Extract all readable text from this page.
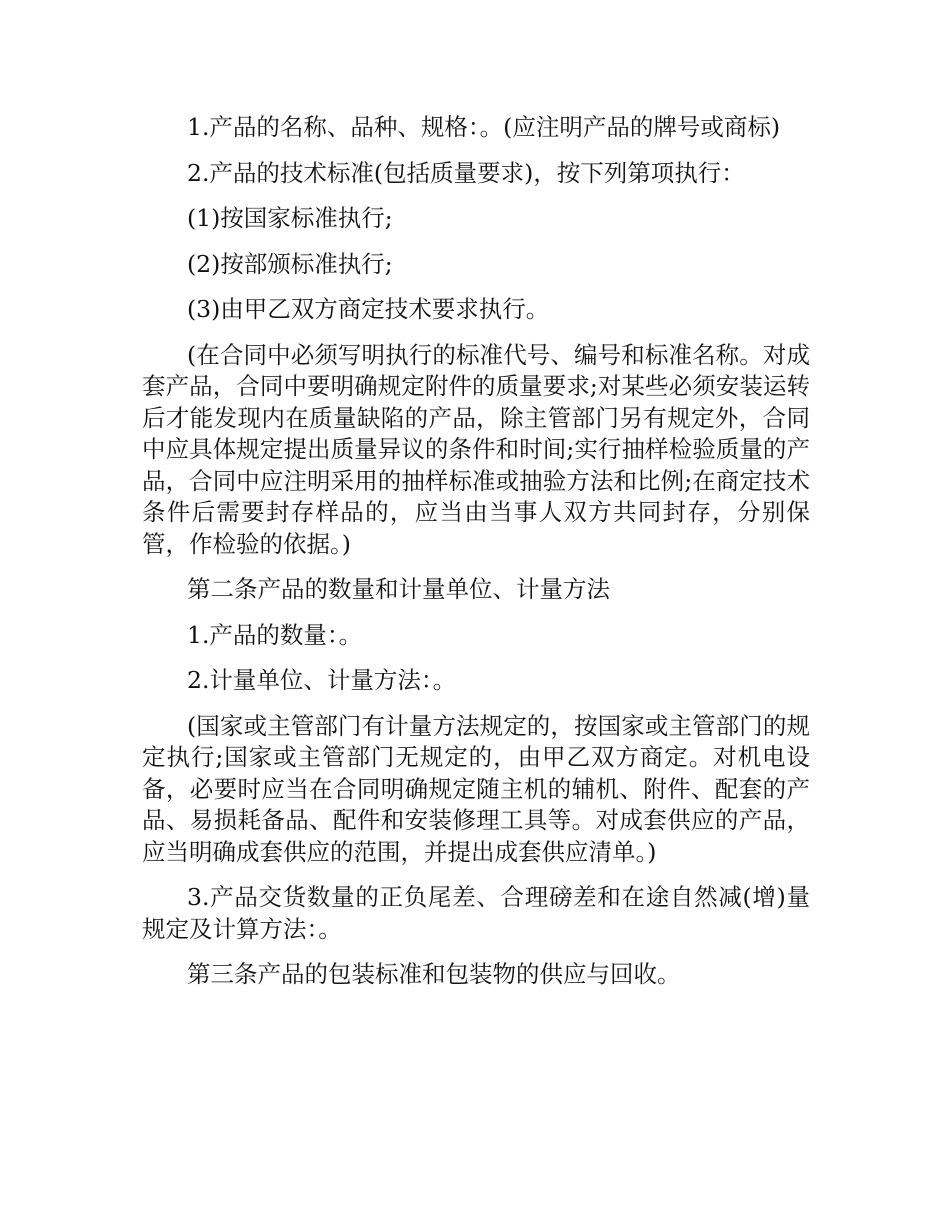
1.产品的名称、品种、规格：。(应注明产品的牌号或商标)

2.产品的技术标准(包括质量要求)，按下列第项执行：

(1)按国家标准执行;

(2)按部颁标准执行;

(3)由甲乙双方商定技术要求执行。

(在合同中必须写明执行的标准代号、编号和标准名称。对成套产品，合同中要明确规定附件的质量要求;对某些必须安装运转后才能发现内在质量缺陷的产品，除主管部门另有规定外，合同中应具体规定提出质量异议的条件和时间;实行抽样检验质量的产品，合同中应注明采用的抽样标准或抽验方法和比例;在商定技术条件后需要封存样品的，应当由当事人双方共同封存，分别保管，作检验的依据。)

第二条产品的数量和计量单位、计量方法

1.产品的数量：。

2.计量单位、计量方法：。

(国家或主管部门有计量方法规定的，按国家或主管部门的规定执行;国家或主管部门无规定的，由甲乙双方商定。对机电设备，必要时应当在合同明确规定随主机的辅机、附件、配套的产品、易损耗备品、配件和安装修理工具等。对成套供应的产品，应当明确成套供应的范围，并提出成套供应清单。)

3.产品交货数量的正负尾差、合理磅差和在途自然减(增)量规定及计算方法：。

第三条产品的包装标准和包装物的供应与回收。
